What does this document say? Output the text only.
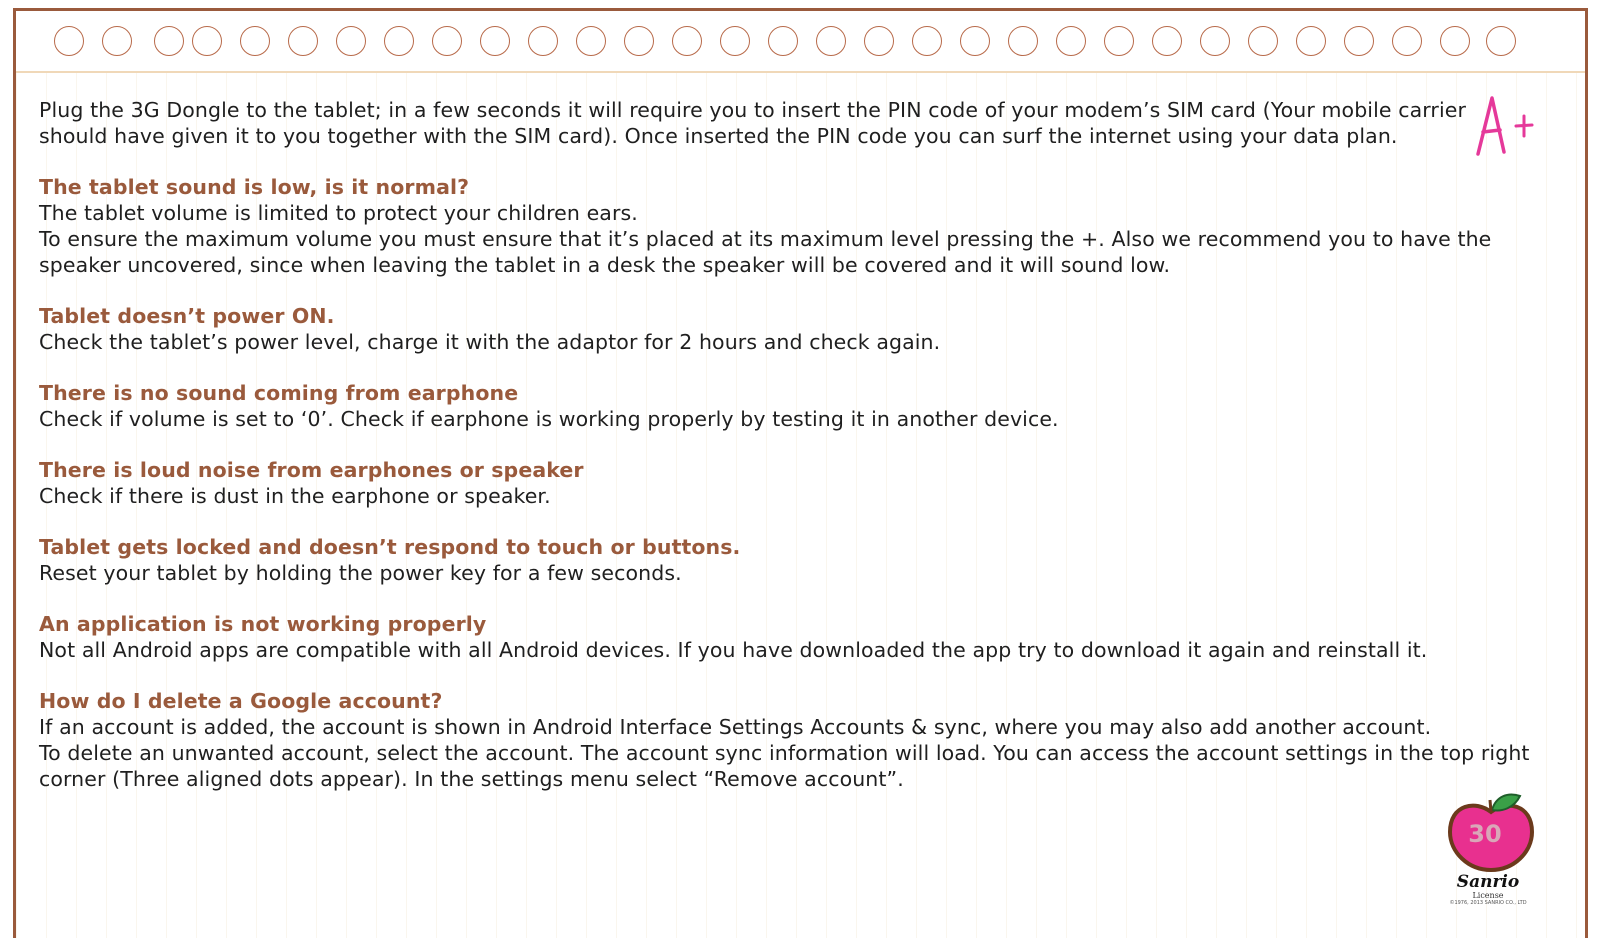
Plug the 3G Dongle to the tablet; in a few seconds it will require you to insert the PIN code of your modem’s SIM card (Your mobile carrier

should have given it to you together with the SIM card). Once inserted the PIN code you can surf the internet using your data plan.

The tablet sound is low, is it normal?

The tablet volume is limited to protect your children ears.

To ensure the maximum volume you must ensure that it’s placed at its maximum level pressing the +. Also we recommend you to have the

speaker uncovered, since when leaving the tablet in a desk the speaker will be covered and it will sound low.

Tablet doesn’t power ON.

Check the tablet’s power level, charge it with the adaptor for 2 hours and check again.

There is no sound coming from earphone

Check if volume is set to ‘0’. Check if earphone is working properly by testing it in another device.

There is loud noise from earphones or speaker

Check if there is dust in the earphone or speaker.

Tablet gets locked and doesn’t respond to touch or buttons.

Reset your tablet by holding the power key for a few seconds.

An application is not working properly

Not all Android apps are compatible with all Android devices. If you have downloaded the app try to download it again and reinstall it.

How do I delete a Google account?

If an account is added, the account is shown in Android Interface Settings Accounts & sync, where you may also add another account.

To delete an unwanted account, select the account. The account sync information will load. You can access the account settings in the top right

corner (Three aligned dots appear). In the settings menu select “Remove account”.

30
Sanrio
License
©1976, 2013 SANRIO CO., LTD
